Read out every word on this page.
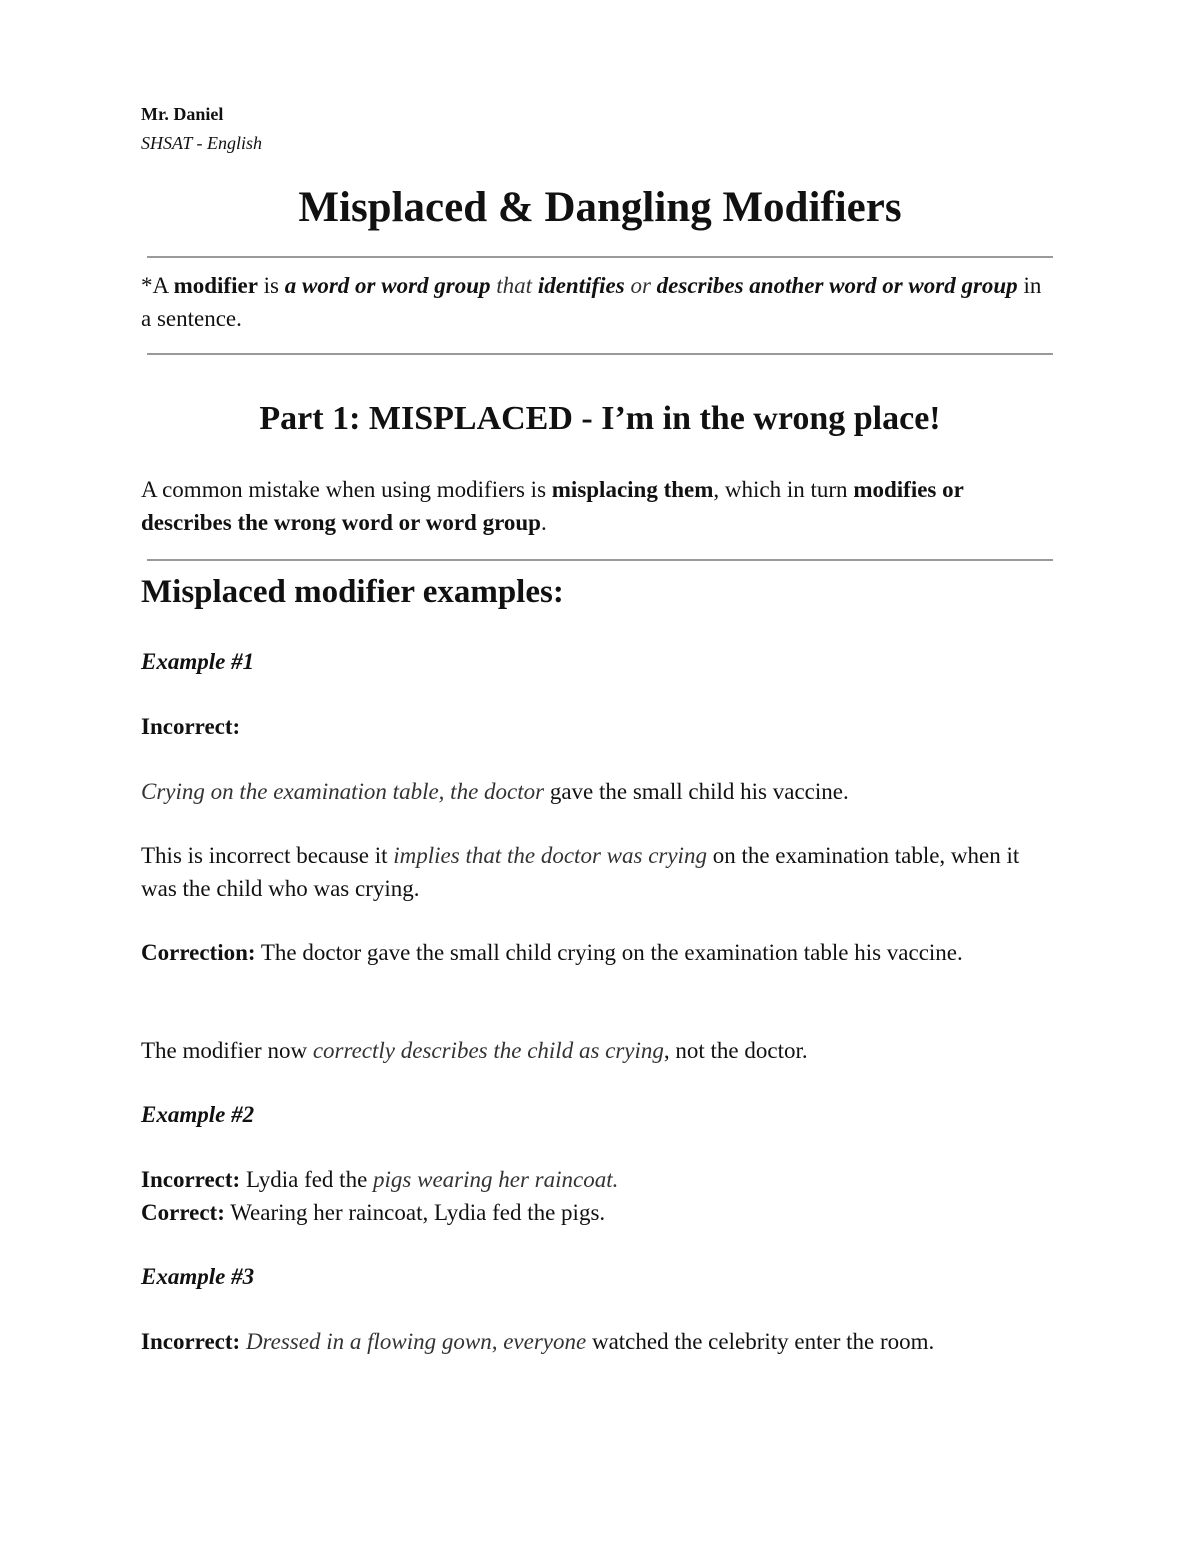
Mr. Daniel
SHSAT - English
Misplaced & Dangling Modifiers

*A modifier is a word or word group that identifies or describes another word or word group in a sentence.

Part 1: MISPLACED - I’m in the wrong place!

A common mistake when using modifiers is misplacing them, which in turn modifies or describes the wrong word or word group.

Misplaced modifier examples:

Example #1

Incorrect:

Crying on the examination table, the doctor gave the small child his vaccine.

This is incorrect because it implies that the doctor was crying on the examination table, when it was the child who was crying.

Correction: The doctor gave the small child crying on the examination table his vaccine.

The modifier now correctly describes the child as crying, not the doctor.

Example #2

Incorrect: Lydia fed the pigs wearing her raincoat.

Correct: Wearing her raincoat, Lydia fed the pigs.

Example #3

Incorrect: Dressed in a flowing gown, everyone watched the celebrity enter the room.
